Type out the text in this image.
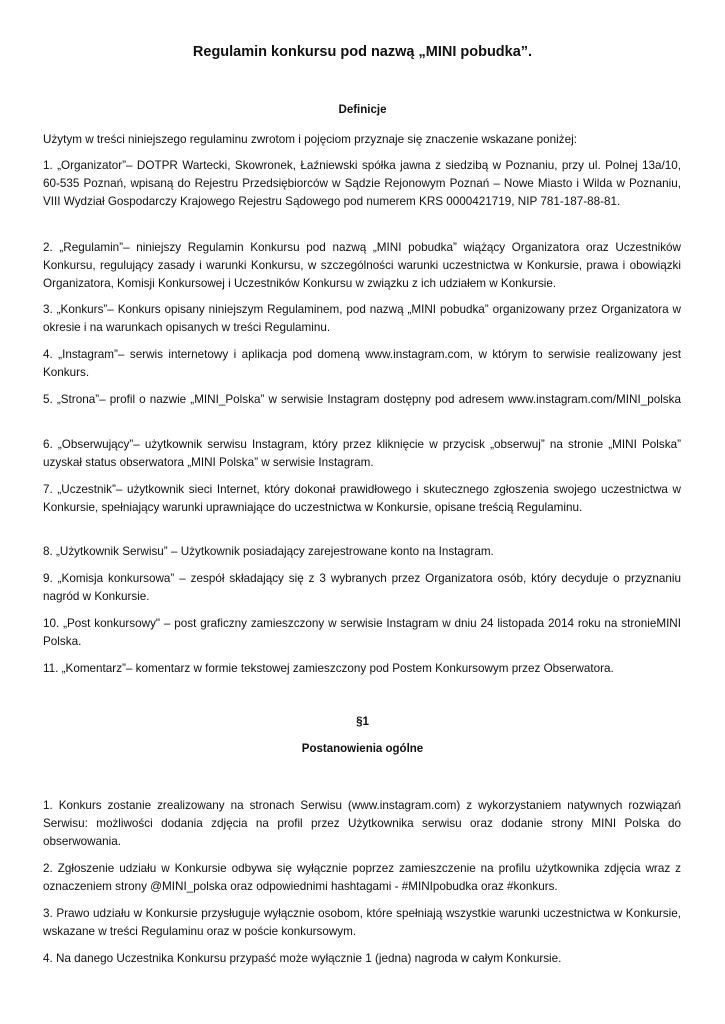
Regulamin konkursu pod nazwą „MINI pobudka”.
Definicje
Użytym w treści niniejszego regulaminu zwrotom i pojęciom przyznaje się znaczenie wskazane poniżej:
1. „Organizator”– DOTPR Wartecki, Skowronek, Łaźniewski spółka jawna z siedzibą w Poznaniu, przy ul. Polnej 13a/10, 60-535 Poznań, wpisaną do Rejestru Przedsiębiorców w Sądzie Rejonowym Poznań – Nowe Miasto i Wilda w Poznaniu, VIII Wydział Gospodarczy Krajowego Rejestru Sądowego pod numerem KRS 0000421719, NIP 781-187-88-81.
2. „Regulamin”– niniejszy Regulamin Konkursu pod nazwą „MINI pobudka” wiążący Organizatora oraz Uczestników Konkursu, regulujący zasady i warunki Konkursu, w szczególności warunki uczestnictwa w Konkursie, prawa i obowiązki Organizatora, Komisji Konkursowej i Uczestników Konkursu w związku z ich udziałem w Konkursie.
3. „Konkurs”– Konkurs opisany niniejszym Regulaminem, pod nazwą „MINI pobudka” organizowany przez Organizatora w okresie i na warunkach opisanych w treści Regulaminu.
4. „Instagram”– serwis internetowy i aplikacja pod domeną www.instagram.com, w którym to serwisie realizowany jest Konkurs.
5. „Strona”– profil o nazwie „MINI_Polska” w serwisie Instagram dostępny pod adresem www.instagram.com/MINI_polska
6. „Obserwujący”– użytkownik serwisu Instagram, który przez kliknięcie w przycisk „obserwuj” na stronie „MINI Polska” uzyskał status obserwatora „MINI Polska” w serwisie Instagram.
7. „Uczestnik”– użytkownik sieci Internet, który dokonał prawidłowego i skutecznego zgłoszenia swojego uczestnictwa w Konkursie, spełniający warunki uprawniające do uczestnictwa w Konkursie, opisane treścią Regulaminu.
8. „Użytkownik Serwisu” – Użytkownik posiadający zarejestrowane konto na Instagram.
9. „Komisja konkursowa” – zespół składający się z 3 wybranych przez Organizatora osób, który decyduje o przyznaniu nagród w Konkursie.
10. „Post konkursowy" – post graficzny zamieszczony w serwisie Instagram w dniu 24 listopada 2014 roku na stronieMINI Polska.
11. „Komentarz”– komentarz w formie tekstowej zamieszczony pod Postem Konkursowym przez Obserwatora.
§1
Postanowienia ogólne
1. Konkurs zostanie zrealizowany na stronach Serwisu (www.instagram.com) z wykorzystaniem natywnych rozwiązań Serwisu: możliwości dodania zdjęcia na profil przez Użytkownika serwisu oraz dodanie strony MINI Polska do obserwowania.
2. Zgłoszenie udziału w Konkursie odbywa się wyłącznie poprzez zamieszczenie na profilu użytkownika zdjęcia wraz z oznaczeniem strony @MINI_polska oraz odpowiednimi hashtagami - #MINIpobudka oraz #konkurs.
3. Prawo udziału w Konkursie przysługuje wyłącznie osobom, które spełniają wszystkie warunki uczestnictwa w Konkursie, wskazane w treści Regulaminu oraz w poście konkursowym.
4. Na danego Uczestnika Konkursu przypaść może wyłącznie 1 (jedna) nagroda w całym Konkursie.
